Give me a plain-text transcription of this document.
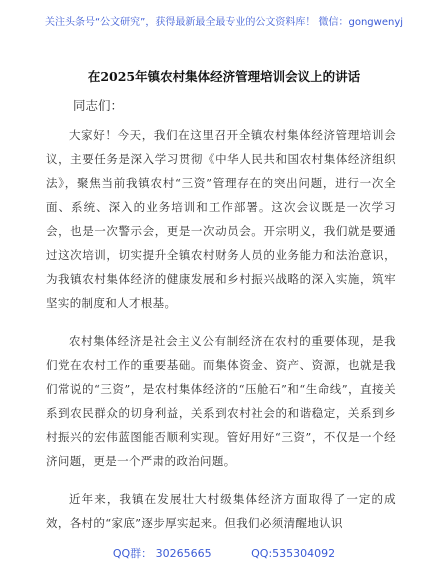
关注头条号“公文研究”，获得最新最全最专业的公文资料库！ 微信：gongwenyj
在2025年镇农村集体经济管理培训会议上的讲话
同志们：

大家好！今天，我们在这里召开全镇农村集体经济管理培训会议，主要任务是深入学习贯彻《中华人民共和国农村集体经济组织法》，聚焦当前我镇农村“三资”管理存在的突出问题，进行一次全面、系统、深入的业务培训和工作部署。这次会议既是一次学习会，也是一次警示会，更是一次动员会。开宗明义，我们就是要通过这次培训，切实提升全镇农村财务人员的业务能力和法治意识，为我镇农村集体经济的健康发展和乡村振兴战略的深入实施，筑牢坚实的制度和人才根基。

农村集体经济是社会主义公有制经济在农村的重要体现，是我们党在农村工作的重要基础。而集体资金、资产、资源，也就是我们常说的“三资”，是农村集体经济的“压舱石”和“生命线”，直接关系到农民群众的切身利益，关系到农村社会的和谐稳定，关系到乡村振兴的宏伟蓝图能否顺利实现。管好用好“三资”，不仅是一个经济问题，更是一个严肃的政治问题。

近年来，我镇在发展壮大村级集体经济方面取得了一定的成效，各村的“家底”逐步厚实起来。但我们必须清醒地认识

QQ群： 30265665	QQ:535304092
